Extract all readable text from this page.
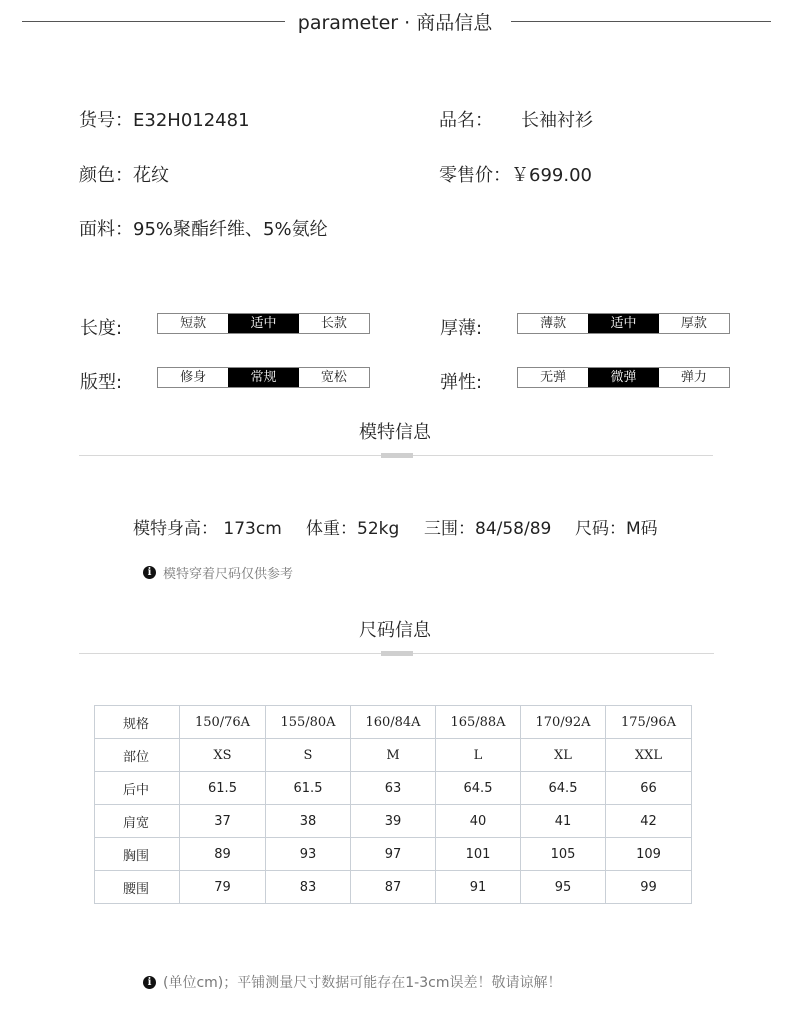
parameter · 商品信息
货号：E32H012481	品名： 长袖衬衫
颜色：花纹	零售价：￥699.00
面料：95%聚酯纤维、5%氨纶
长度:	短款	适中	长款	厚薄:	薄款	适中	厚款
版型:	修身	常规	宽松	弹性:	无弹	微弹	弹力
模特信息
模特身高： 173cm 体重：52kg 三围：84/58/89 尺码：M码
i 模特穿着尺码仅供参考
尺码信息
规格	150/76A	155/80A	160/84A	165/88A	170/92A	175/96A
部位	XS	S	M	L	XL	XXL
后中	61.5	61.5	63	64.5	64.5	66
肩宽	37	38	39	40	41	42
胸围	89	93	97	101	105	109
腰围	79	83	87	91	95	99
i (单位cm)；平铺测量尺寸数据可能存在1-3cm误差！敬请谅解！
